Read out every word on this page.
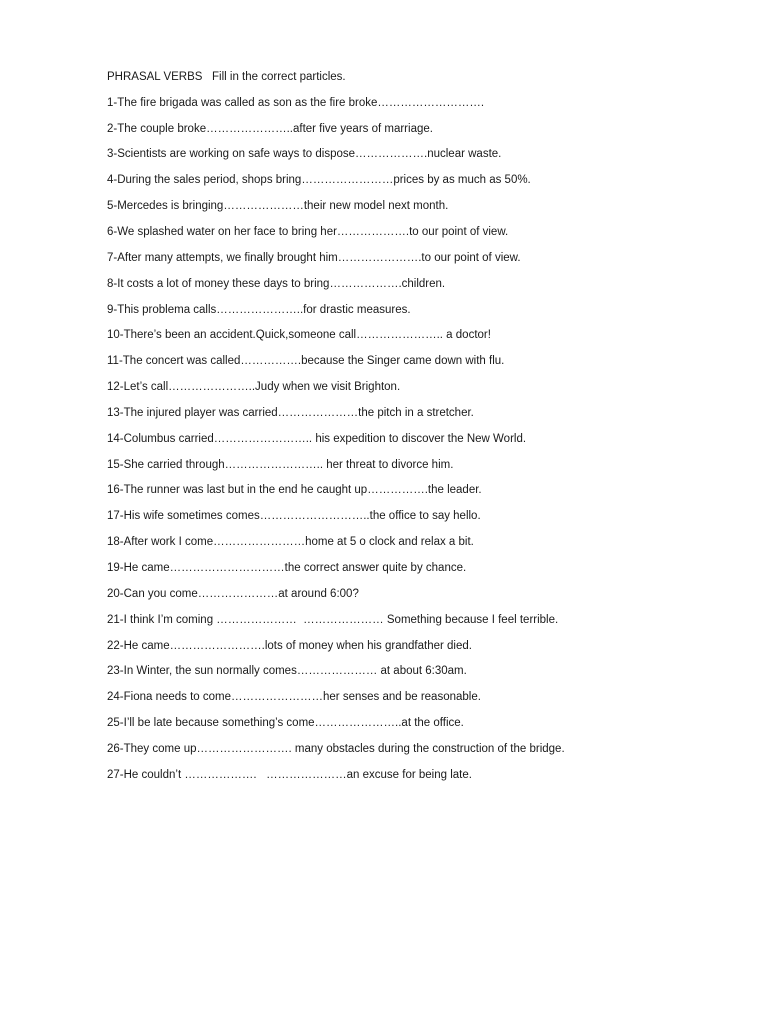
PHRASAL VERBS   Fill in the correct particles.
1-The fire brigada was called as son as the fire broke……………………….
2-The couple broke…………………..after five years of marriage.
3-Scientists are working on safe ways to dispose……………….nuclear waste.
4-During the sales period, shops bring……………………prices by as much as 50%.
5-Mercedes is bringing…………………their new model next month.
6-We splashed water on her face to bring her……………….to our point of view.
7-After many attempts, we finally brought him………………….to our point of view.
8-It costs a lot of money these days to bring……………….children.
9-This problema calls…………………..for drastic measures.
10-There’s been an accident.Quick,someone call………………….. a doctor!
11-The concert was called…………….because the Singer came down with flu.
12-Let’s call…………………..Judy when we visit Brighton.
13-The injured player was carried…………………the pitch in a stretcher.
14-Columbus carried…………………….. his expedition to discover the New World.
15-She carried through…………………….. her threat to divorce him.
16-The runner was last but in the end he caught up…………….the leader.
17-His wife sometimes comes………………………..the office to say hello.
18-After work I come……………………home at 5 o clock and relax a bit.
19-He came…………………………the correct answer quite by chance.
20-Can you come…………………at around 6:00?
21-I think I’m coming …………………  ………………… Something because I feel terrible.
22-He came…………………….lots of money when his grandfather died.
23-In Winter, the sun normally comes………………… at about 6:30am.
24-Fiona needs to come……………………her senses and be reasonable.
25-I’ll be late because something’s come…………………..at the office.
26-They come up……………………. many obstacles during the construction of the bridge.
27-He couldn’t ……………….   …………………an excuse for being late.
